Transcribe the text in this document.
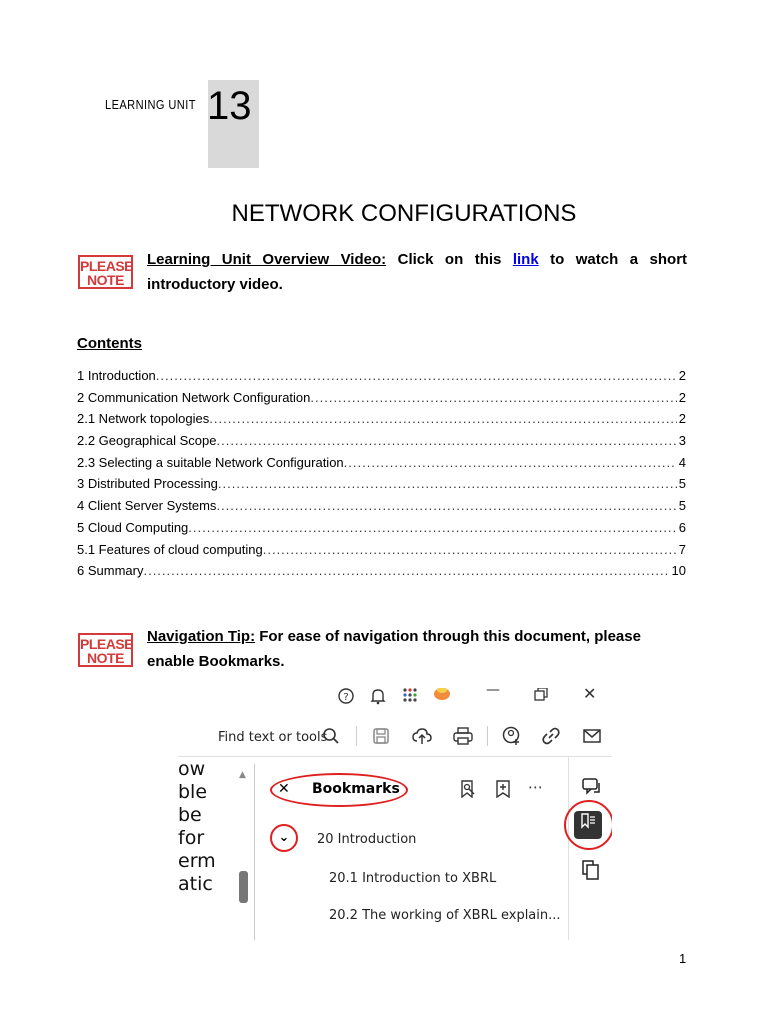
LEARNING UNIT 13
NETWORK CONFIGURATIONS
PLEASE
NOTE
Learning Unit Overview Video: Click on this link to watch a short introductory video.
Contents
1 Introduction .....	2
2 Communication Network Configuration .....	2
2.1 Network topologies .....	2
2.2 Geographical Scope .....	3
2.3 Selecting a suitable Network Configuration .....	4
3 Distributed Processing .....	5
4 Client Server Systems .....	5
5 Cloud Computing .....	6
5.1 Features of cloud computing .....	7
6 Summary .....	10
PLEASE
NOTE
Navigation Tip: For ease of navigation through this document, please enable Bookmarks.
?	—	✕
Find text or tools
ow
ble
be
for
erm
atic
▲
✕ Bookmarks	⋯
⌄	20 Introduction
20.1 Introduction to XBRL
20.2 The working of XBRL explain...
1
